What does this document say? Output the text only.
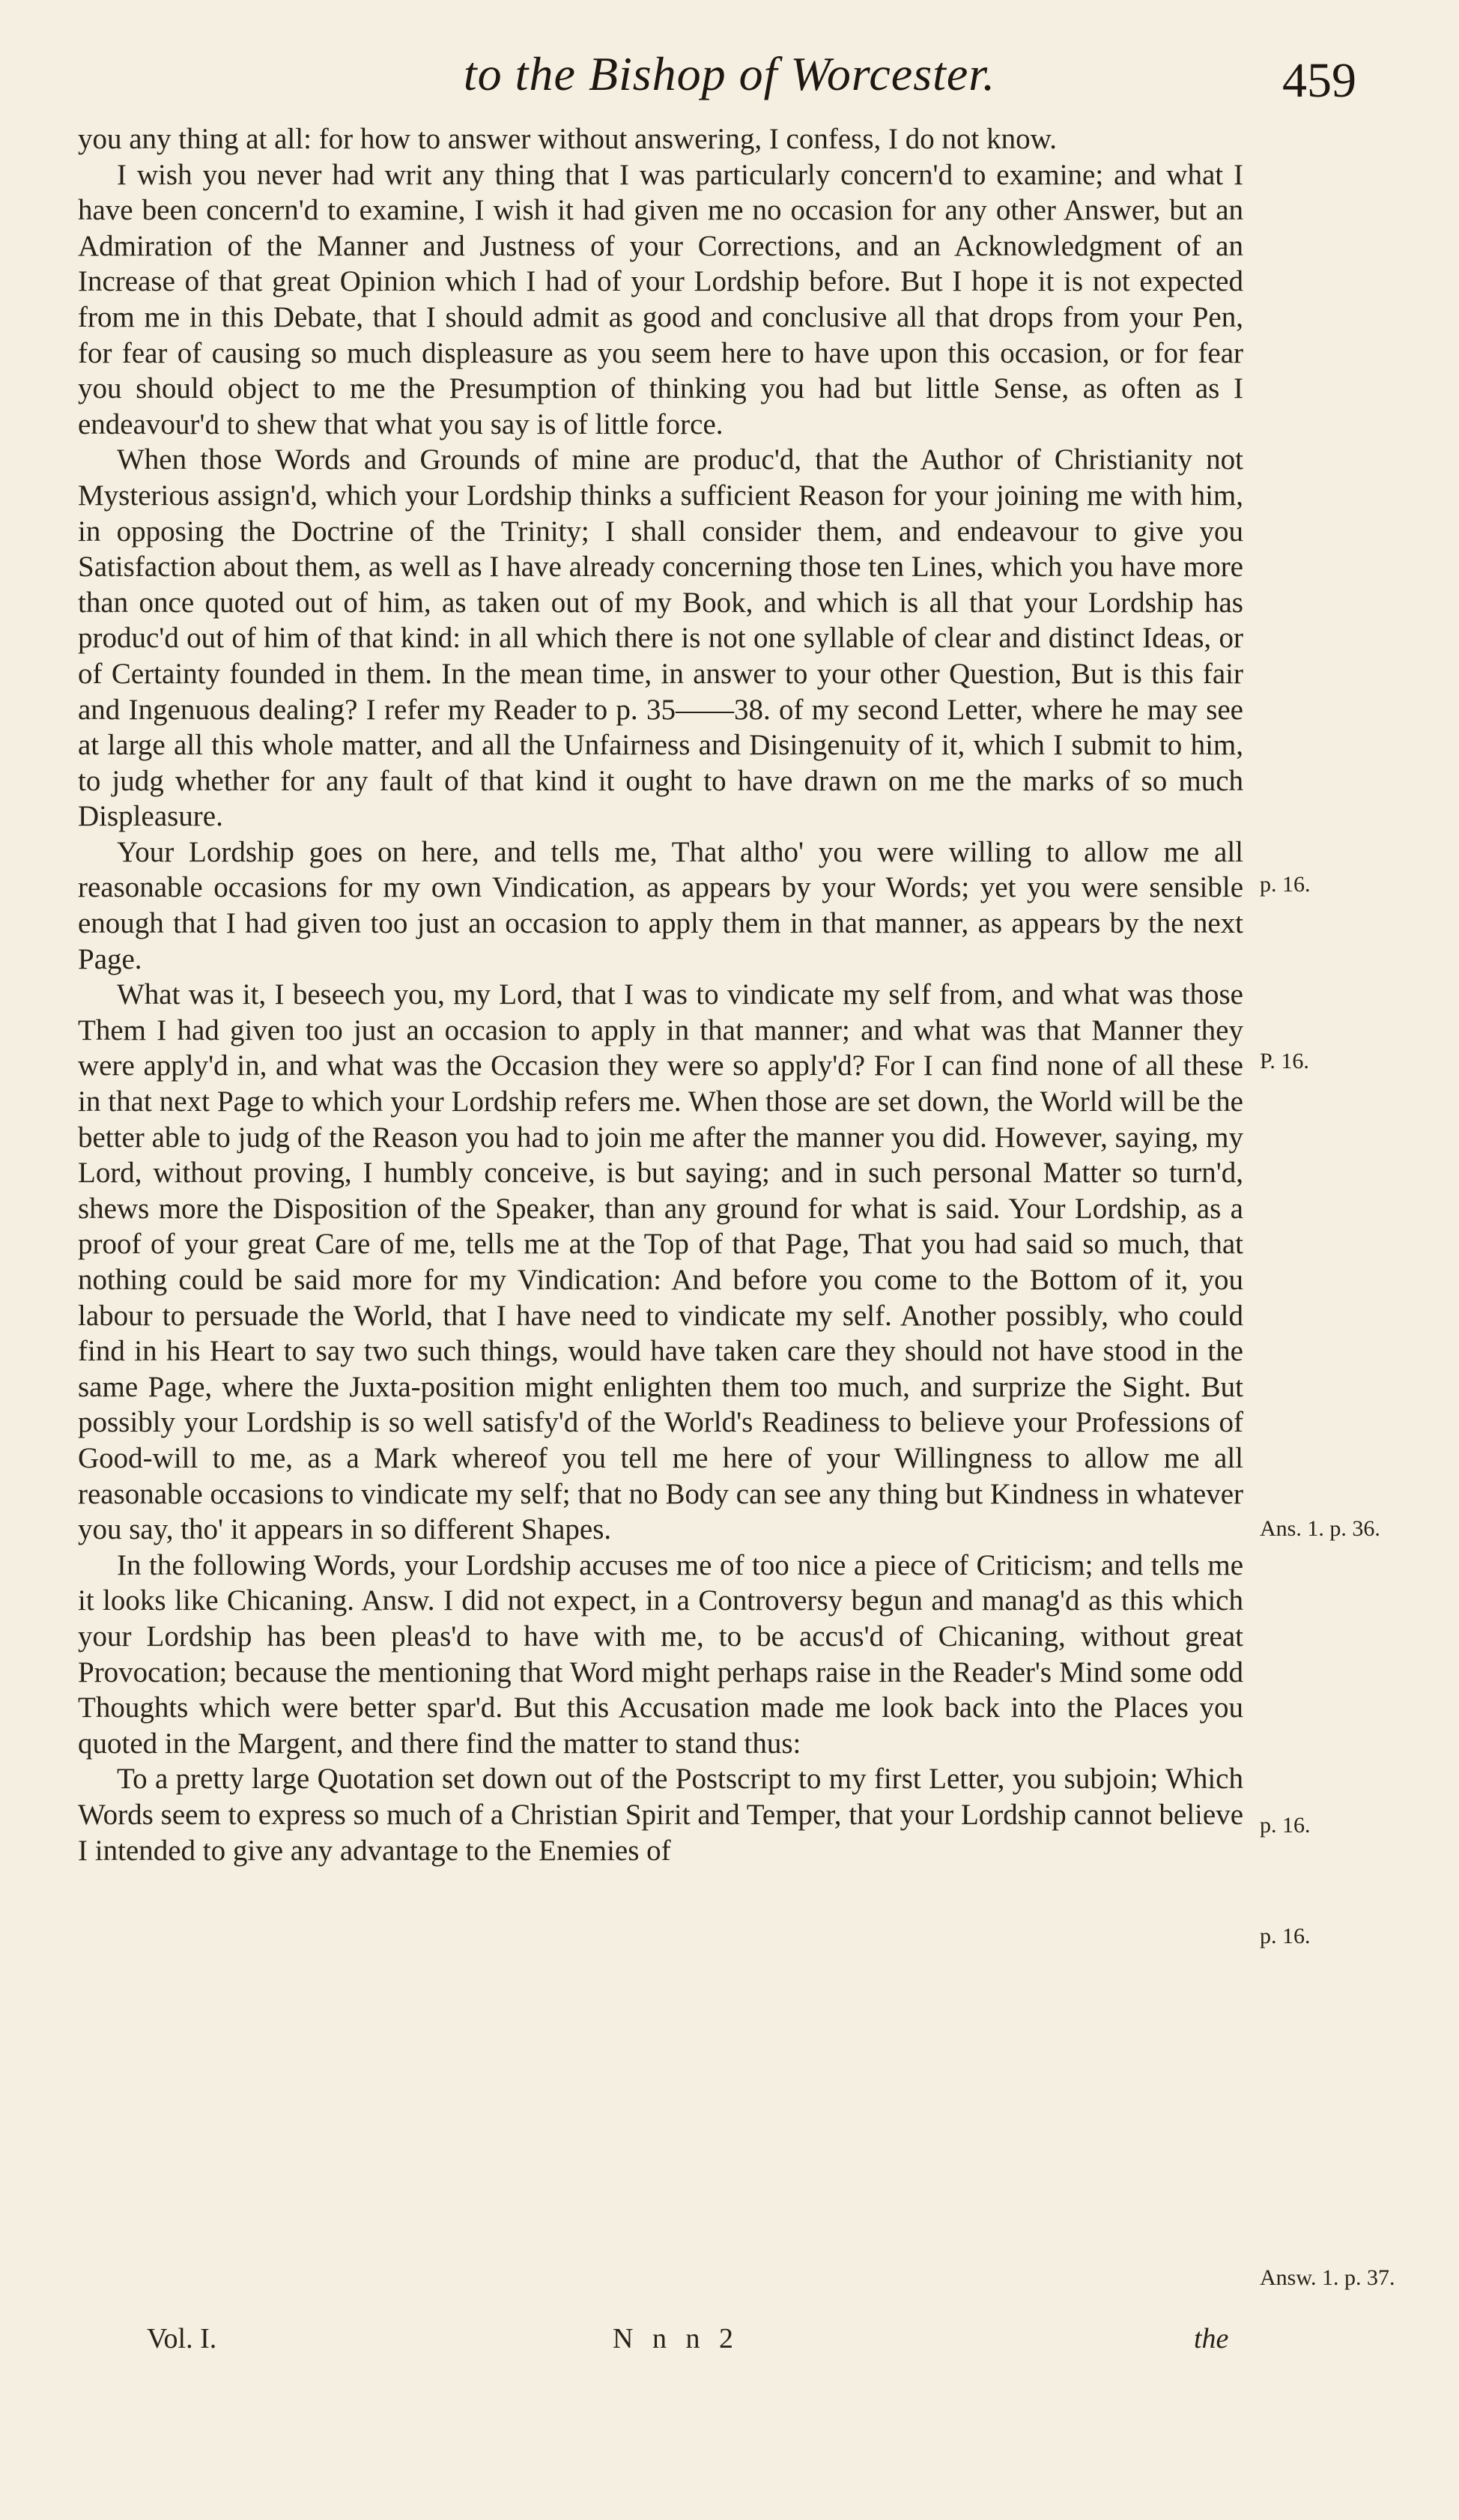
to the Bishop of Worcester.	459

you any thing at all: for how to answer without answering, I confess, I do not know.

I wish you never had writ any thing that I was particularly concern'd to examine; and what I have been concern'd to examine, I wish it had given me no occasion for any other Answer, but an Admiration of the Manner and Justness of your Corrections, and an Acknowledgment of an Increase of that great Opinion which I had of your Lordship before. But I hope it is not expected from me in this Debate, that I should admit as good and conclusive all that drops from your Pen, for fear of causing so much displeasure as you seem here to have upon this occasion, or for fear you should object to me the Presumption of thinking you had but little Sense, as often as I endeavour'd to shew that what you say is of little force.

When those Words and Grounds of mine are produc'd, that the Author of Christianity not Mysterious assign'd, which your Lordship thinks a sufficient Reason for your joining me with him, in opposing the Doctrine of the Trinity; I shall consider them, and endeavour to give you Satisfaction about them, as well as I have already concerning those ten Lines, which you have more than once quoted out of him, as taken out of my Book, and which is all that your Lordship has produc'd out of him of that kind: in all which there is not one syllable of clear and distinct Ideas, or of Certainty founded in them. In the mean time, in answer to your other Question, But is this fair and Ingenuous dealing? I refer my Reader to p. 35——38. of my second Letter, where he may see at large all this whole matter, and all the Unfairness and Disingenuity of it, which I submit to him, to judg whether for any fault of that kind it ought to have drawn on me the marks of so much Displeasure.

Your Lordship goes on here, and tells me, That altho' you were willing to allow me all reasonable occasions for my own Vindication, as appears by your Words; yet you were sensible enough that I had given too just an occasion to apply them in that manner, as appears by the next Page.

What was it, I beseech you, my Lord, that I was to vindicate my self from, and what was those Them I had given too just an occasion to apply in that manner; and what was that Manner they were apply'd in, and what was the Occasion they were so apply'd? For I can find none of all these in that next Page to which your Lordship refers me. When those are set down, the World will be the better able to judg of the Reason you had to join me after the manner you did. However, saying, my Lord, without proving, I humbly conceive, is but saying; and in such personal Matter so turn'd, shews more the Disposition of the Speaker, than any ground for what is said. Your Lordship, as a proof of your great Care of me, tells me at the Top of that Page, That you had said so much, that nothing could be said more for my Vindication: And before you come to the Bottom of it, you labour to persuade the World, that I have need to vindicate my self. Another possibly, who could find in his Heart to say two such things, would have taken care they should not have stood in the same Page, where the Juxta-position might enlighten them too much, and surprize the Sight. But possibly your Lordship is so well satisfy'd of the World's Readiness to believe your Professions of Good-will to me, as a Mark whereof you tell me here of your Willingness to allow me all reasonable occasions to vindicate my self; that no Body can see any thing but Kindness in whatever you say, tho' it appears in so different Shapes.

In the following Words, your Lordship accuses me of too nice a piece of Criticism; and tells me it looks like Chicaning. Answ. I did not expect, in a Controversy begun and manag'd as this which your Lordship has been pleas'd to have with me, to be accus'd of Chicaning, without great Provocation; because the mentioning that Word might perhaps raise in the Reader's Mind some odd Thoughts which were better spar'd. But this Accusation made me look back into the Places you quoted in the Margent, and there find the matter to stand thus:

To a pretty large Quotation set down out of the Postscript to my first Letter, you subjoin; Which Words seem to express so much of a Christian Spirit and Temper, that your Lordship cannot believe I intended to give any advantage to the Enemies of

p. 16.
P. 16.
Ans. 1. p. 36.
p. 16.
p. 16.
Answ. 1. p. 37.
Vol. I.	N n n 2	the
